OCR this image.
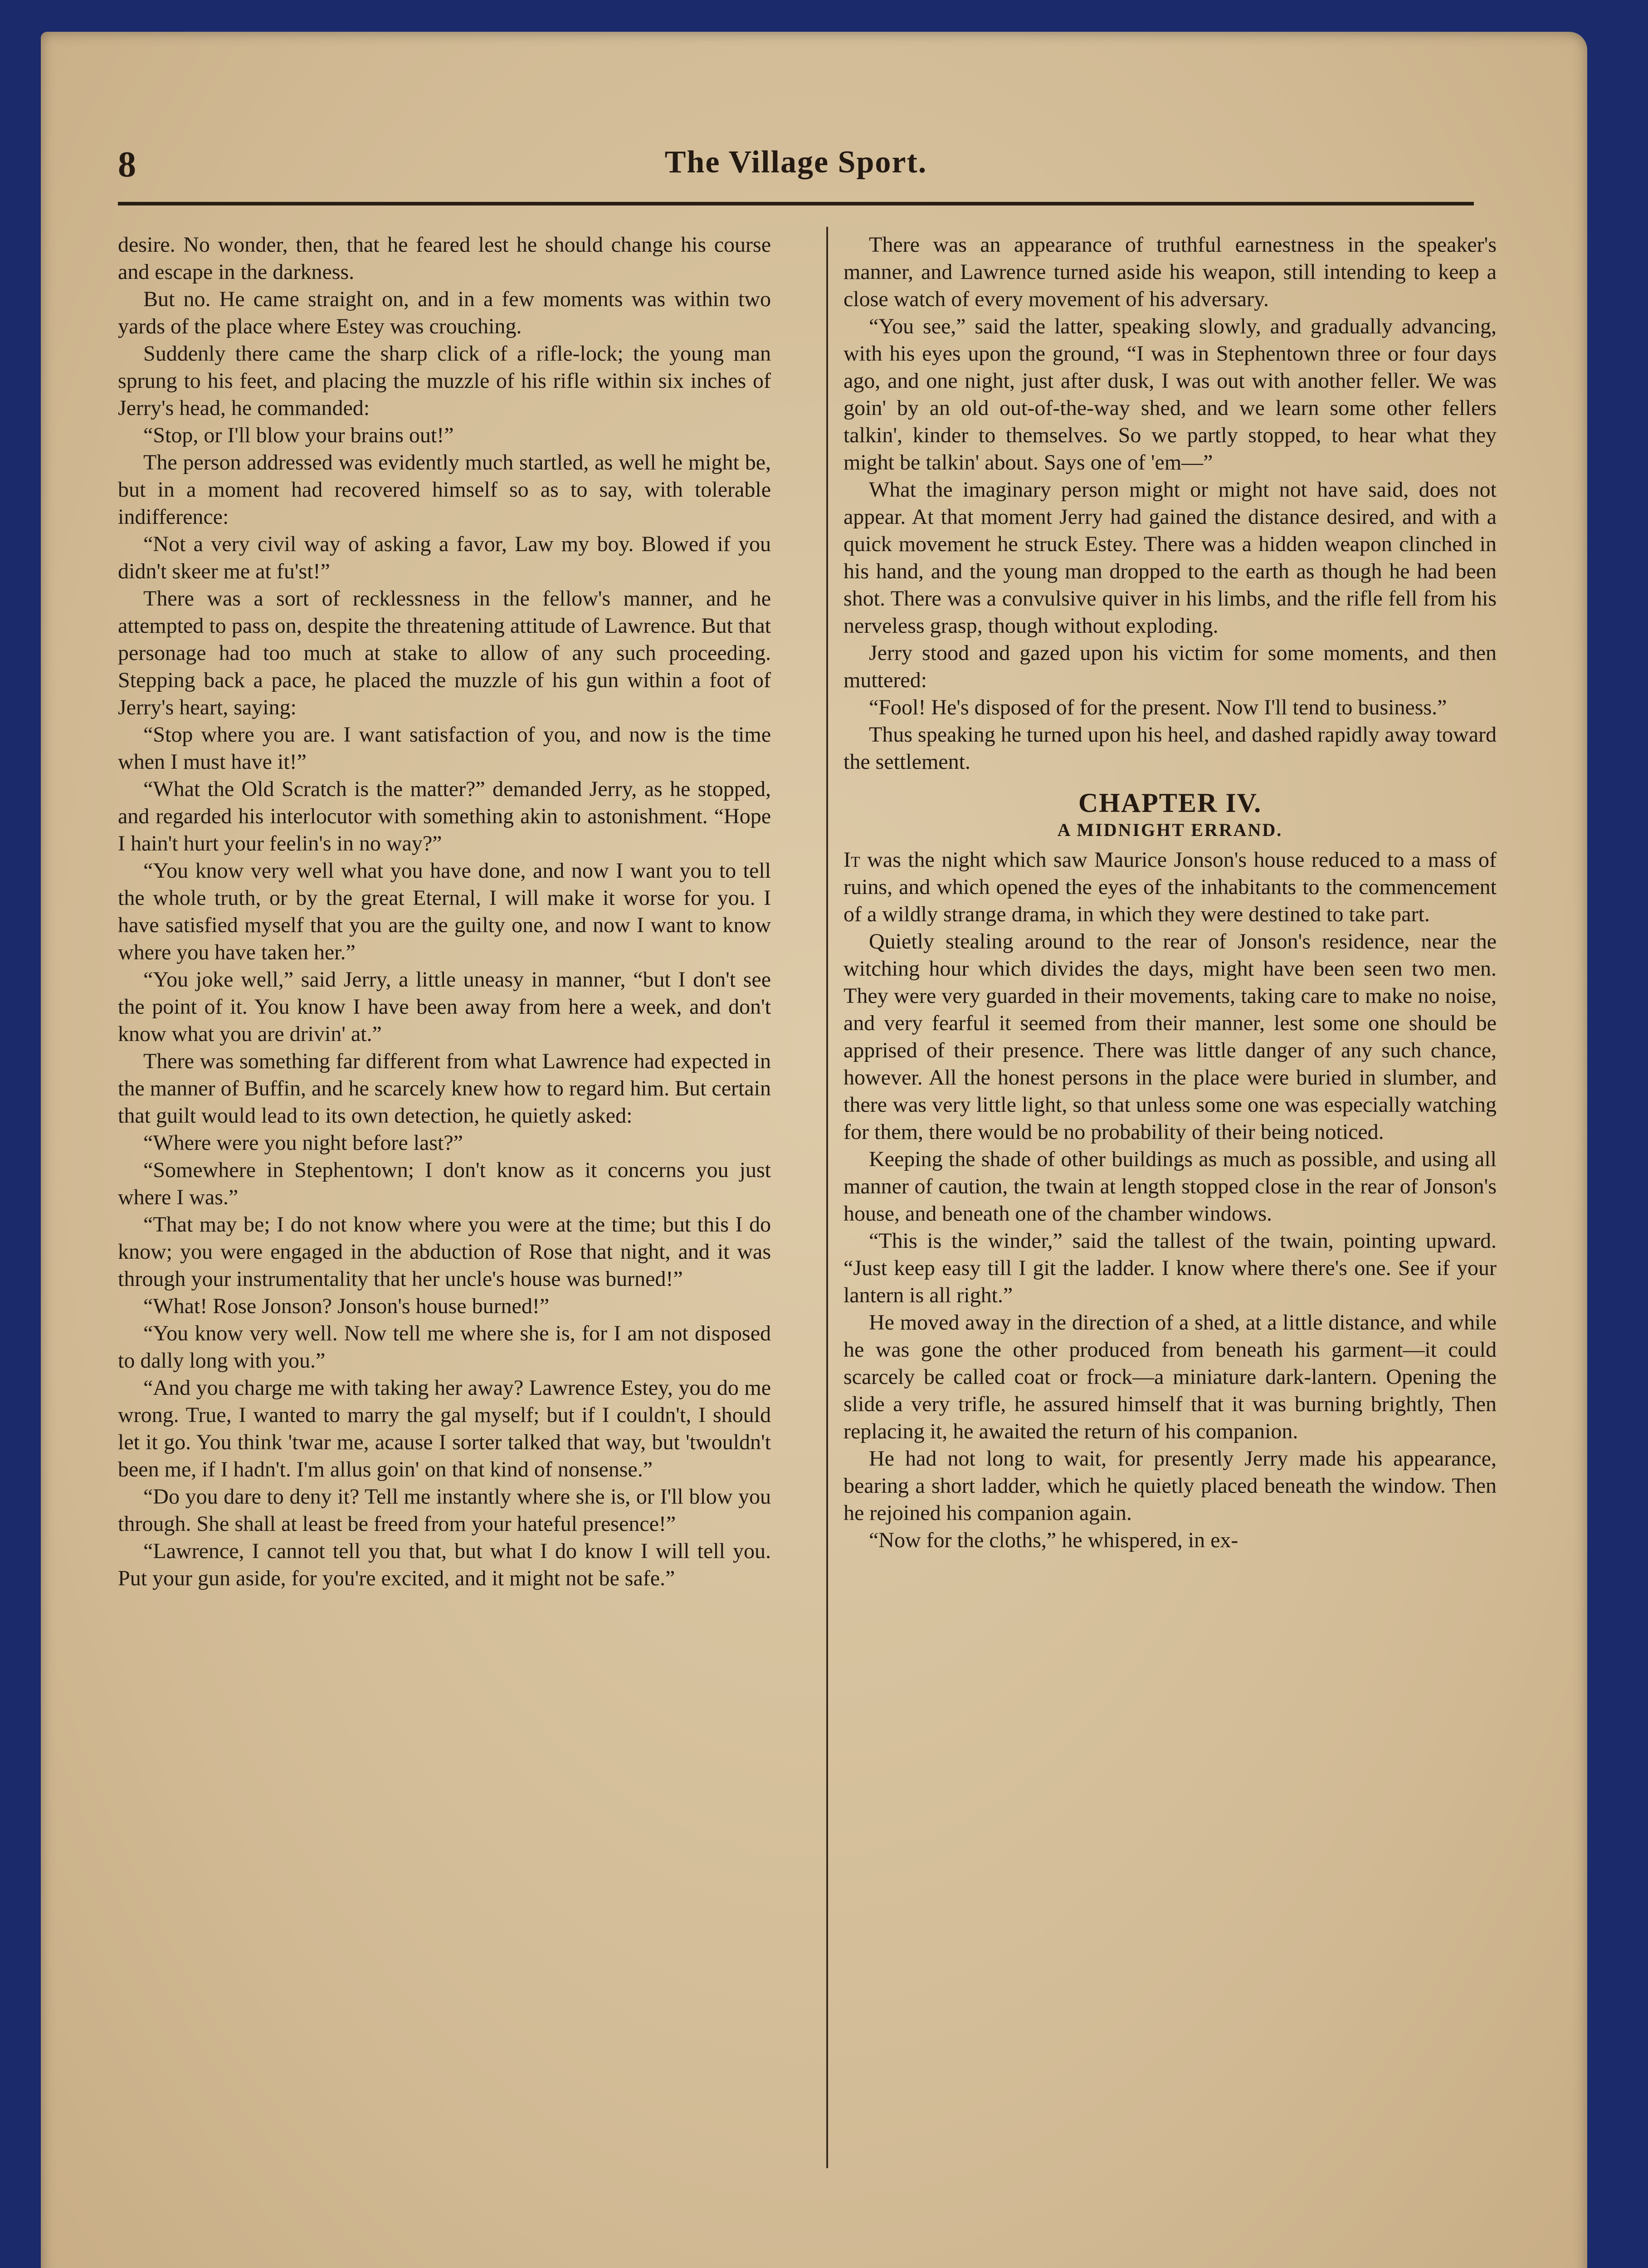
8	The Village Sport.

desire. No wonder, then, that he feared lest he should change his course and escape in the darkness.

But no. He came straight on, and in a few moments was within two yards of the place where Estey was crouching.

Suddenly there came the sharp click of a rifle-lock; the young man sprung to his feet, and placing the muzzle of his rifle within six inches of Jerry's head, he commanded:

“Stop, or I'll blow your brains out!”

The person addressed was evidently much startled, as well he might be, but in a moment had recovered himself so as to say, with tolerable indifference:

“Not a very civil way of asking a favor, Law my boy. Blowed if you didn't skeer me at fu'st!”

There was a sort of recklessness in the fellow's manner, and he attempted to pass on, despite the threatening attitude of Lawrence. But that personage had too much at stake to allow of any such proceeding. Stepping back a pace, he placed the muzzle of his gun within a foot of Jerry's heart, saying:

“Stop where you are. I want satisfaction of you, and now is the time when I must have it!”

“What the Old Scratch is the matter?” demanded Jerry, as he stopped, and regarded his interlocutor with something akin to astonishment. “Hope I hain't hurt your feelin's in no way?”

“You know very well what you have done, and now I want you to tell the whole truth, or by the great Eternal, I will make it worse for you. I have satisfied myself that you are the guilty one, and now I want to know where you have taken her.”

“You joke well,” said Jerry, a little uneasy in manner, “but I don't see the point of it. You know I have been away from here a week, and don't know what you are drivin' at.”

There was something far different from what Lawrence had expected in the manner of Buffin, and he scarcely knew how to regard him. But certain that guilt would lead to its own detection, he quietly asked:

“Where were you night before last?”

“Somewhere in Stephentown; I don't know as it concerns you just where I was.”

“That may be; I do not know where you were at the time; but this I do know; you were engaged in the abduction of Rose that night, and it was through your instrumentality that her uncle's house was burned!”

“What! Rose Jonson? Jonson's house burned!”

“You know very well. Now tell me where she is, for I am not disposed to dally long with you.”

“And you charge me with taking her away? Lawrence Estey, you do me wrong. True, I wanted to marry the gal myself; but if I couldn't, I should let it go. You think 'twar me, acause I sorter talked that way, but 'twouldn't been me, if I hadn't. I'm allus goin' on that kind of nonsense.”

“Do you dare to deny it? Tell me instantly where she is, or I'll blow you through. She shall at least be freed from your hateful presence!”

“Lawrence, I cannot tell you that, but what I do know I will tell you. Put your gun aside, for you're excited, and it might not be safe.”

There was an appearance of truthful earnestness in the speaker's manner, and Lawrence turned aside his weapon, still intending to keep a close watch of every movement of his adversary.

“You see,” said the latter, speaking slowly, and gradually advancing, with his eyes upon the ground, “I was in Stephentown three or four days ago, and one night, just after dusk, I was out with another feller. We was goin' by an old out-of-the-way shed, and we learn some other fellers talkin', kinder to themselves. So we partly stopped, to hear what they might be talkin' about. Says one of 'em—”

What the imaginary person might or might not have said, does not appear. At that moment Jerry had gained the distance desired, and with a quick movement he struck Estey. There was a hidden weapon clinched in his hand, and the young man dropped to the earth as though he had been shot. There was a convulsive quiver in his limbs, and the rifle fell from his nerveless grasp, though without exploding.

Jerry stood and gazed upon his victim for some moments, and then muttered:

“Fool! He's disposed of for the present. Now I'll tend to business.”

Thus speaking he turned upon his heel, and dashed rapidly away toward the settlement.

CHAPTER IV.

A MIDNIGHT ERRAND.

It was the night which saw Maurice Jonson's house reduced to a mass of ruins, and which opened the eyes of the inhabitants to the commencement of a wildly strange drama, in which they were destined to take part.

Quietly stealing around to the rear of Jonson's residence, near the witching hour which divides the days, might have been seen two men. They were very guarded in their movements, taking care to make no noise, and very fearful it seemed from their manner, lest some one should be apprised of their presence. There was little danger of any such chance, however. All the honest persons in the place were buried in slumber, and there was very little light, so that unless some one was especially watching for them, there would be no probability of their being noticed.

Keeping the shade of other buildings as much as possible, and using all manner of caution, the twain at length stopped close in the rear of Jonson's house, and beneath one of the chamber windows.

“This is the winder,” said the tallest of the twain, pointing upward. “Just keep easy till I git the ladder. I know where there's one. See if your lantern is all right.”

He moved away in the direction of a shed, at a little distance, and while he was gone the other produced from beneath his garment—it could scarcely be called coat or frock—a miniature dark-lantern. Opening the slide a very trifle, he assured himself that it was burning brightly, Then replacing it, he awaited the return of his companion.

He had not long to wait, for presently Jerry made his appearance, bearing a short ladder, which he quietly placed beneath the window. Then he rejoined his companion again.

“Now for the cloths,” he whispered, in ex-
